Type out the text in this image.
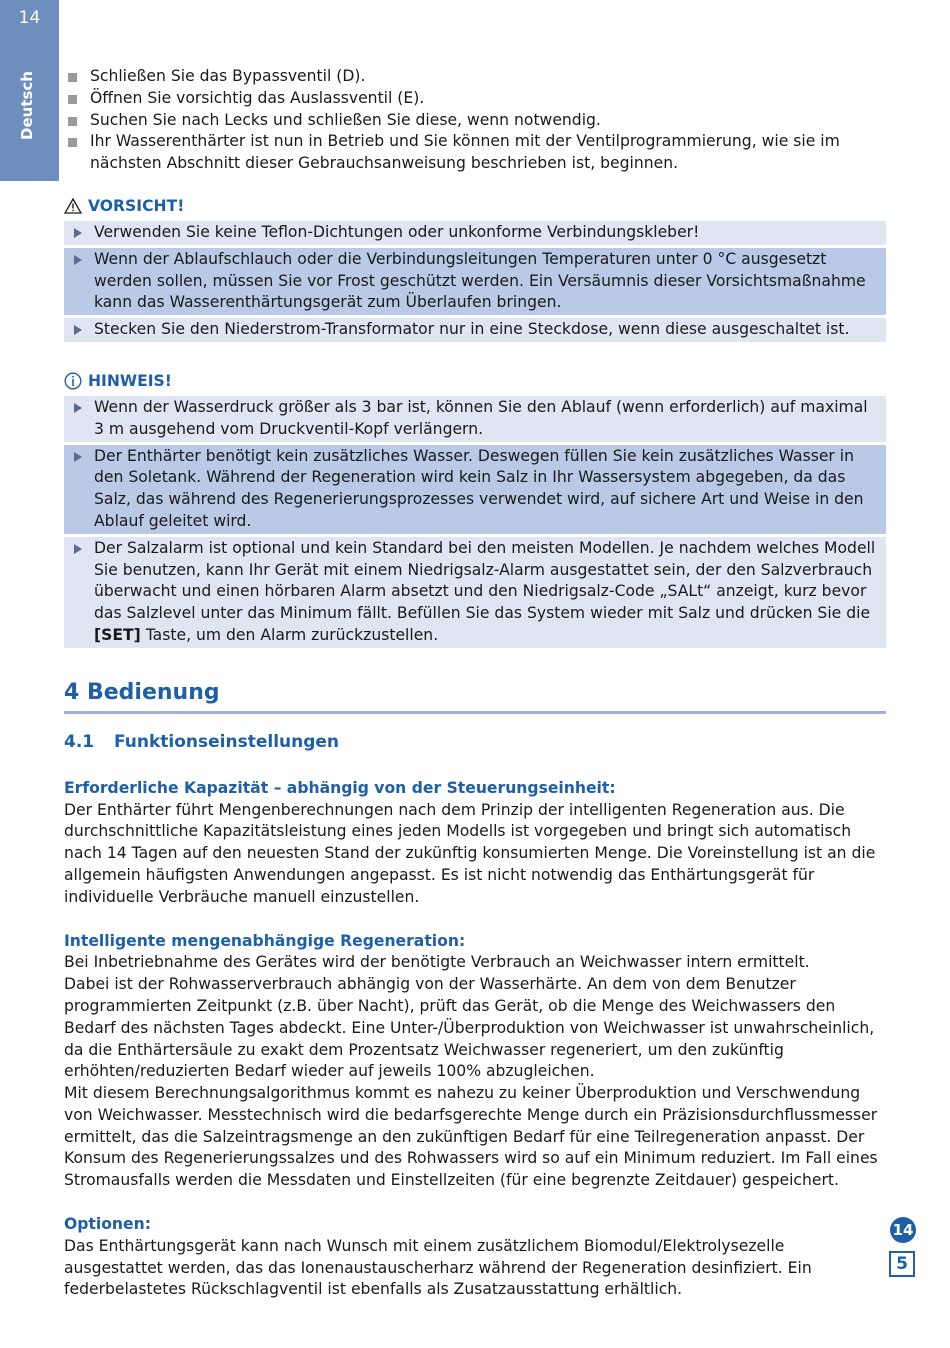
14
Deutsch	Schließen Sie das Bypassventil (D).
Öffnen Sie vorsichtig das Auslassventil (E).
Suchen Sie nach Lecks und schließen Sie diese, wenn notwendig.
Ihr Wasserenthärter ist nun in Betrieb und Sie können mit der Ventilprogrammierung, wie sie im nächsten Abschnitt dieser Gebrauchsanweisung beschrieben ist, beginnen.
VORSICHT!
Verwenden Sie keine Teflon-Dichtungen oder unkonforme Verbindungskleber!
Wenn der Ablaufschlauch oder die Verbindungsleitungen Temperaturen unter 0 °C ausgesetzt werden sollen, müssen Sie vor Frost geschützt werden. Ein Versäumnis dieser Vorsichtsmaßnahme kann das Wasserenthärtungsgerät zum Überlaufen bringen.
Stecken Sie den Niederstrom-Transformator nur in eine Steckdose, wenn diese ausgeschaltet ist.
HINWEIS!
Wenn der Wasserdruck größer als 3 bar ist, können Sie den Ablauf (wenn erforderlich) auf maximal 3 m ausgehend vom Druckventil-Kopf verlängern.
Der Enthärter benötigt kein zusätzliches Wasser. Deswegen füllen Sie kein zusätzliches Wasser in den Soletank. Während der Regeneration wird kein Salz in Ihr Wassersystem abgegeben, da das Salz, das während des Regenerierungsprozesses verwendet wird, auf sichere Art und Weise in den Ablauf geleitet wird.
Der Salzalarm ist optional und kein Standard bei den meisten Modellen. Je nachdem welches Modell Sie benutzen, kann Ihr Gerät mit einem Niedrigsalz-Alarm ausgestattet sein, der den Salzverbrauch überwacht und einen hörbaren Alarm absetzt und den Niedrigsalz-Code „SALt“ anzeigt, kurz bevor das Salzlevel unter das Minimum fällt. Befüllen Sie das System wieder mit Salz und drücken Sie die [SET] Taste, um den Alarm zurückzustellen.
4 Bedienung
4.1 Funktionseinstellungen
Erforderliche Kapazität – abhängig von der Steuerungseinheit:
Der Enthärter führt Mengenberechnungen nach dem Prinzip der intelligenten Regeneration aus. Die durchschnittliche Kapazitätsleistung eines jeden Modells ist vorgegeben und bringt sich automatisch nach 14 Tagen auf den neuesten Stand der zukünftig konsumierten Menge. Die Voreinstellung ist an die allgemein häufigsten Anwendungen angepasst. Es ist nicht notwendig das Enthärtungsgerät für individuelle Verbräuche manuell einzustellen.
Intelligente mengenabhängige Regeneration:
Bei Inbetriebnahme des Gerätes wird der benötigte Verbrauch an Weichwasser intern ermittelt.
Dabei ist der Rohwasserverbrauch abhängig von der Wasserhärte. An dem von dem Benutzer programmierten Zeitpunkt (z.B. über Nacht), prüft das Gerät, ob die Menge des Weichwassers den Bedarf des nächsten Tages abdeckt. Eine Unter-/Überproduktion von Weichwasser ist unwahrscheinlich, da die Enthärtersäule zu exakt dem Prozentsatz Weichwasser regeneriert, um den zukünftig erhöhten/reduzierten Bedarf wieder auf jeweils 100% abzugleichen.
Mit diesem Berechnungsalgorithmus kommt es nahezu zu keiner Überproduktion und Verschwendung von Weichwasser. Messtechnisch wird die bedarfsgerechte Menge durch ein Präzisionsdurchflussmesser ermittelt, das die Salzeintragsmenge an den zukünftigen Bedarf für eine Teilregeneration anpasst. Der Konsum des Regenerierungssalzes und des Rohwassers wird so auf ein Minimum reduziert. Im Fall eines Stromausfalls werden die Messdaten und Einstellzeiten (für eine begrenzte Zeitdauer) gespeichert.
Optionen:
Das Enthärtungsgerät kann nach Wunsch mit einem zusätzlichem Biomodul/Elektrolysezelle ausgestattet werden, das das Ionenaustauscherharz während der Regeneration desinfiziert. Ein federbelastetes Rückschlagventil ist ebenfalls als Zusatzausstattung erhältlich.
14
5
